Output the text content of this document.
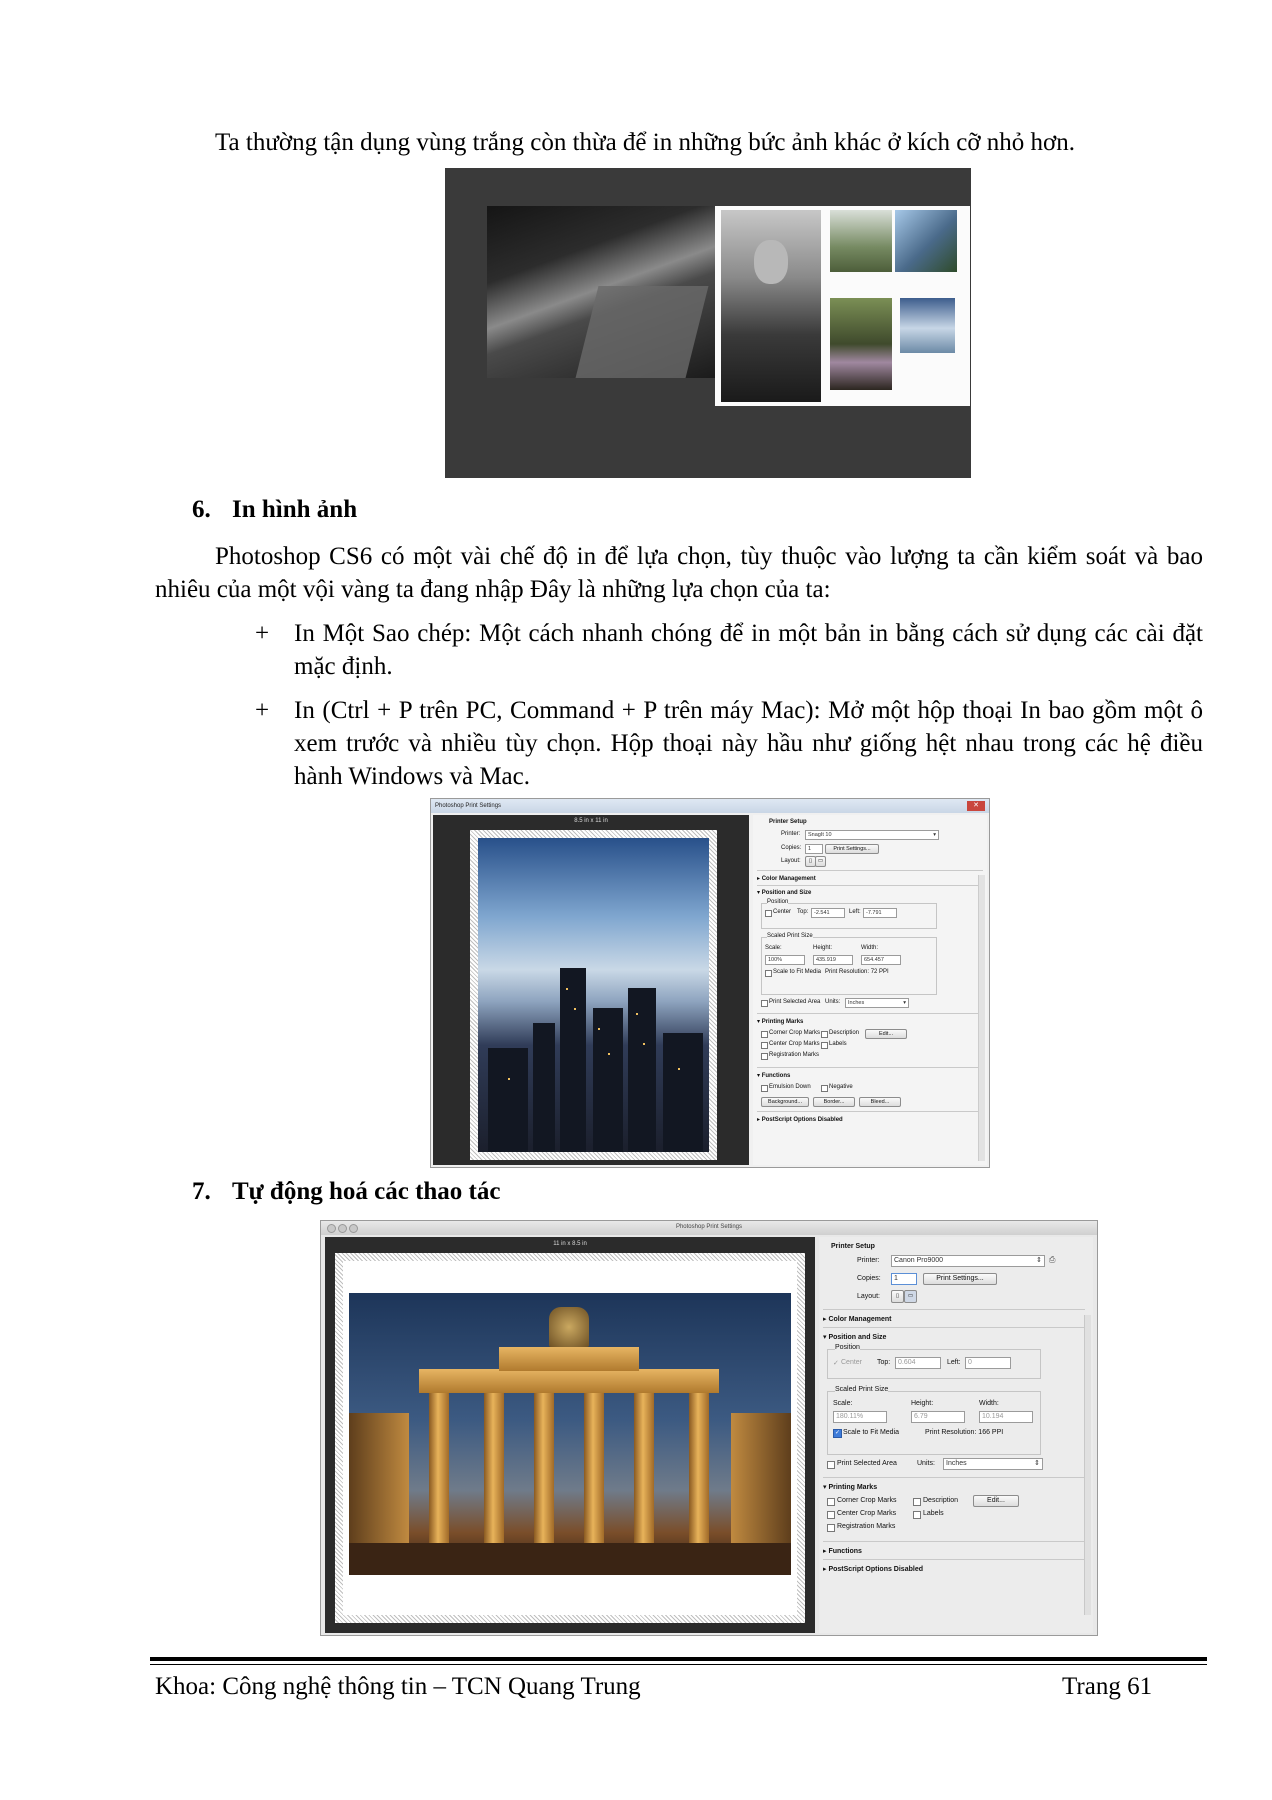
Ta thường tận dụng vùng trắng còn thừa để in những bức ảnh khác ở kích cỡ nhỏ hơn.
6. In hình ảnh
Photoshop CS6 có một vài chế độ in để lựa chọn, tùy thuộc vào lượng ta cần kiểm soát và bao nhiêu của một vội vàng ta đang nhập Đây là những lựa chọn của ta:
+ In Một Sao chép: Một cách nhanh chóng để in một bản in bằng cách sử dụng các cài đặt mặc định.
+ In (Ctrl + P trên PC, Command + P trên máy Mac): Mở một hộp thoại In bao gồm một ô xem trước và nhiều tùy chọn. Hộp thoại này hầu như giống hệt nhau trong các hệ điều hành Windows và Mac.
Photoshop Print Settings	✕
8.5 in x 11 in	Printer Setup
Printer:	SnagIt 10	▾
Copies:	1	Print Settings...
Layout:	▯	▭
▸ Color Management
▾ Position and Size
Position
Center Top:	-2.541	Left: -7.791
Scaled Print Size
Scale:	Height:	Width:
100%	435.919	654.457
Scale to Fit Media Print Resolution: 72 PPI
Print Selected Area Units:	Inches	▾
▾ Printing Marks
Corner Crop Marks Description	Edit...
Center Crop Marks Labels
Registration Marks
▾ Functions
Emulsion Down	Negative
Background...	Border...	Bleed...
▸ PostScript Options Disabled
7. Tự động hoá các thao tác
Photoshop Print Settings
11 in x 8.5 in	Printer Setup
Printer:	Canon Pro9000	⇕ ⎙
Copies:	1	Print Settings...
Layout:	▯	▭
▸ Color Management
▾ Position and Size
Position
✓ Center Top:	0.604	Left:	0
Scaled Print Size
Scale:	Height:	Width:
180.11%	6.79	10.194
✓ Scale to Fit Media	Print Resolution: 166 PPI
Print Selected Area	Units:	Inches	⇕
▾ Printing Marks
Corner Crop Marks	Description	Edit...
Center Crop Marks	Labels
Registration Marks
▸ Functions
▸ PostScript Options Disabled
Khoa: Công nghệ thông tin – TCN Quang Trung	Trang 61
